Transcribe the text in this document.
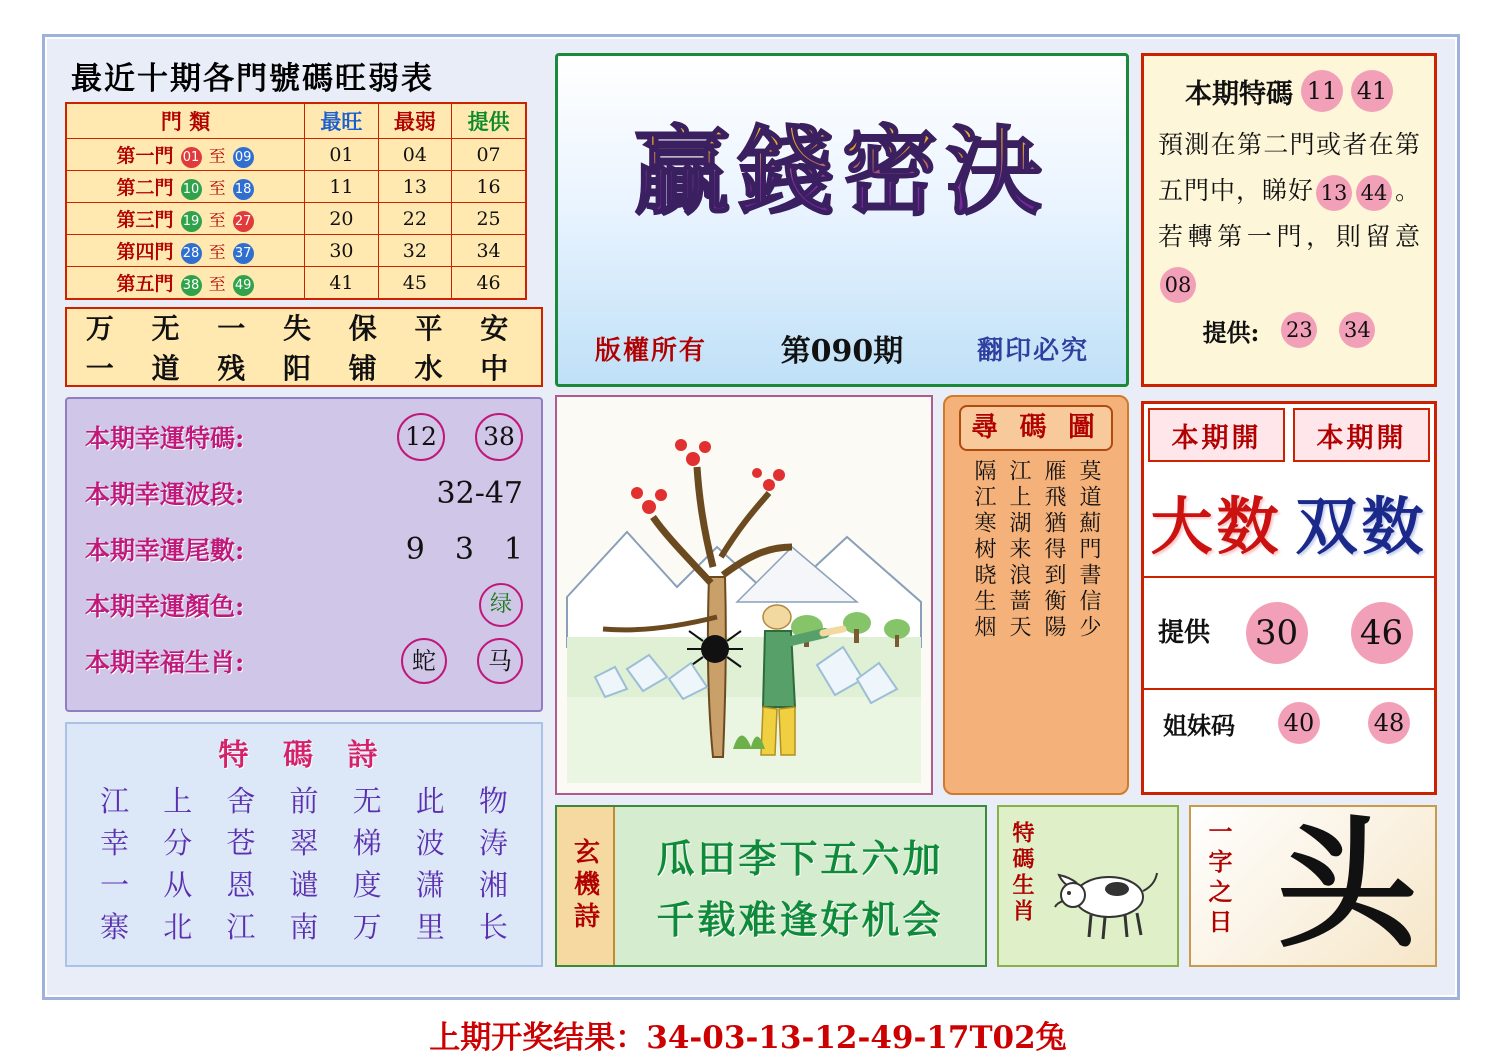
最近十期各門號碼旺弱表
門 類	最旺	最弱	提供
第一門 01 至 09	01	04	07
第二門 10 至 18	11	13	16
第三門 19 至 27	20	22	25
第四門 28 至 37	30	32	34
第五門 38 至 49	41	45	46
万 无 一 失 保 平 安
一 道 残 阳 铺 水 中
本期幸運特碼:	12	38
本期幸運波段:	32-47
本期幸運尾數:	9 3 1
本期幸運顏色:	绿
本期幸福生肖:	蛇	马
特 碼 詩
江	上	舍	前	无	此	物
幸	分	苍	翠	梯	波	涛
一	从	恩	谴	度	潇	湘
寨	北	江	南	万	里	长
贏錢密決
版權所有 第090期	翻印必究
尋 碼 圖
莫道薊門書信少
雁飛猶得到衡陽
江上湖来浪蔷天
隔江寒树晓生烟
本期特碼 11 41

預測在第二門或者在第五門中，睇好 13 44 。若轉第一門，則留意08

提供: 23 34
本期開	本期開
大数 双数
提供	30 46
姐妹码	40 48
玄機詩 瓜田李下五六加
千载难逢好机会	特碼生肖	一字之日 头
上期开奖结果：34-03-13-12-49-17T02兔
